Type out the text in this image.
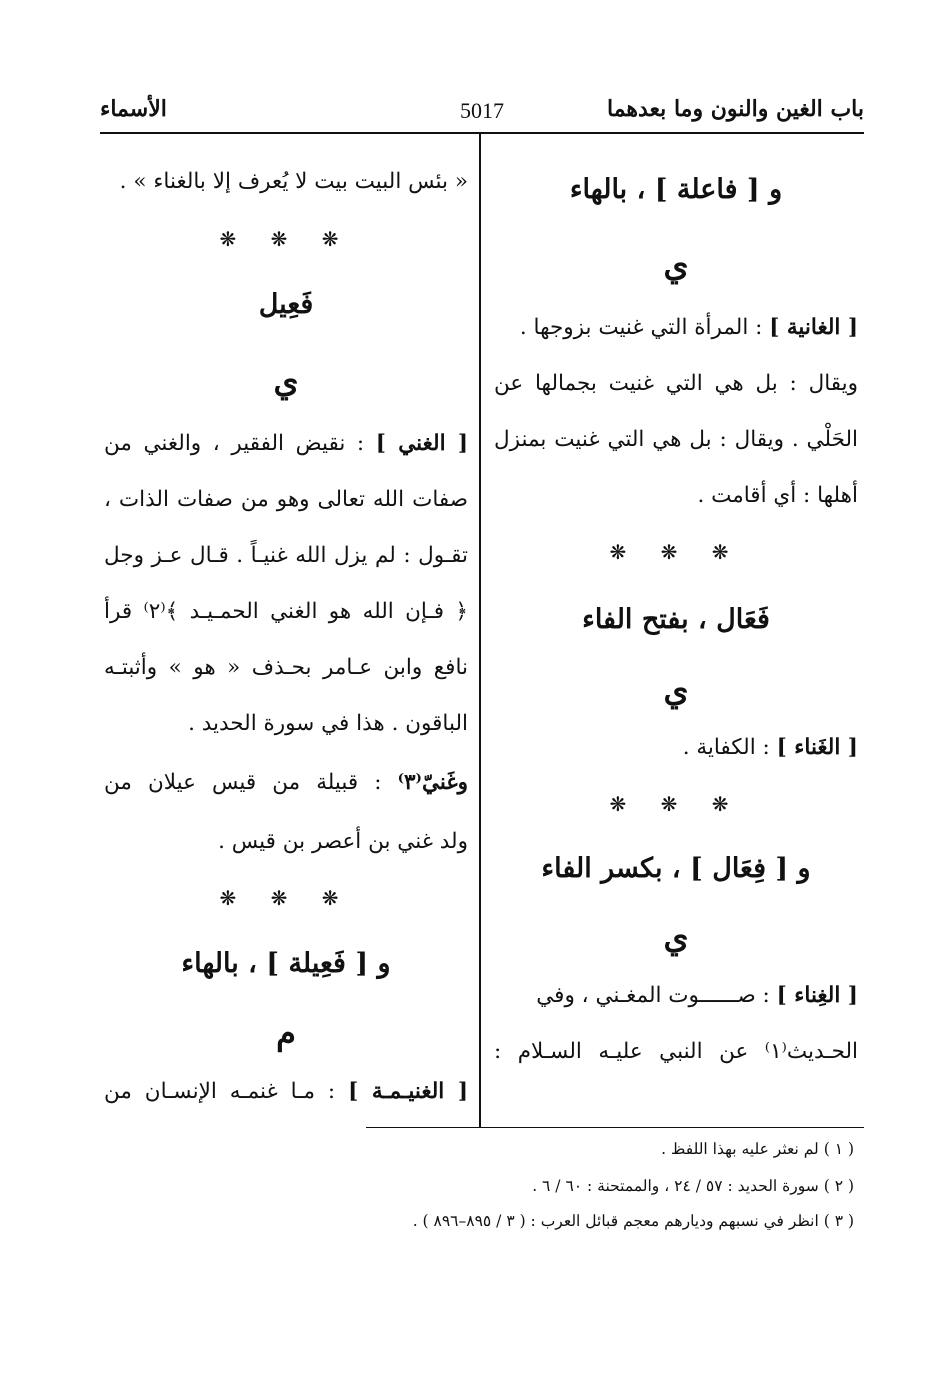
باب الغين والنون وما بعدهما
5017
الأسماء
و [ فاعلة ] ، بالهاء
ي
[ الغانية ] : المرأة التي غنيت بزوجها .
ويقال : بل هي التي غنيت بجمالها عن
الحَلْي . ويقال : بل هي التي غنيت بمنزل
أهلها : أي أقامت .
❋ ❋ ❋
فَعَال ، بفتح الفاء
ي
[ الغَناء ] : الكفاية .
❋ ❋ ❋
و [ فِعَال ] ، بكسر الفاء
ي
[ الغِناء ] : صــــــوت المغـني ، وفي
الحـديث⁽١⁾ عن النبي عليـه السـلام :
« بئس البيت بيت لا يُعرف إلا بالغناء » .
❋ ❋ ❋
فَعِيل
ي
[ الغني ] : نقيض الفقير ، والغني من
صفات الله تعالى وهو من صفات الذات ،
تقـول : لم يزل الله غنيـاً . قـال عـز وجل
﴿ فـإن الله هو الغني الحمـيـد ﴾⁽٢⁾ قرأ
نافع وابن عـامر بحـذف « هو » وأثبتـه
الباقون . هذا في سورة الحديد .
وغَنيّ⁽٣⁾ : قبيلة من قيس عيلان من
ولد غني بن أعصر بن قيس .
❋ ❋ ❋
و [ فَعِيلة ] ، بالهاء
م
[ الغنيـمـة ] : مـا غنمـه الإنسـان من
( ١ ) لم نعثر عليه بهذا اللفظ .
( ٢ ) سورة الحديد : ٥٧ / ٢٤ ، والممتحنة : ٦٠ / ٦ .
( ٣ ) انظر في نسبهم وديارهم معجم قبائل العرب : ( ٣ / ٨٩٥–٨٩٦ ) .
